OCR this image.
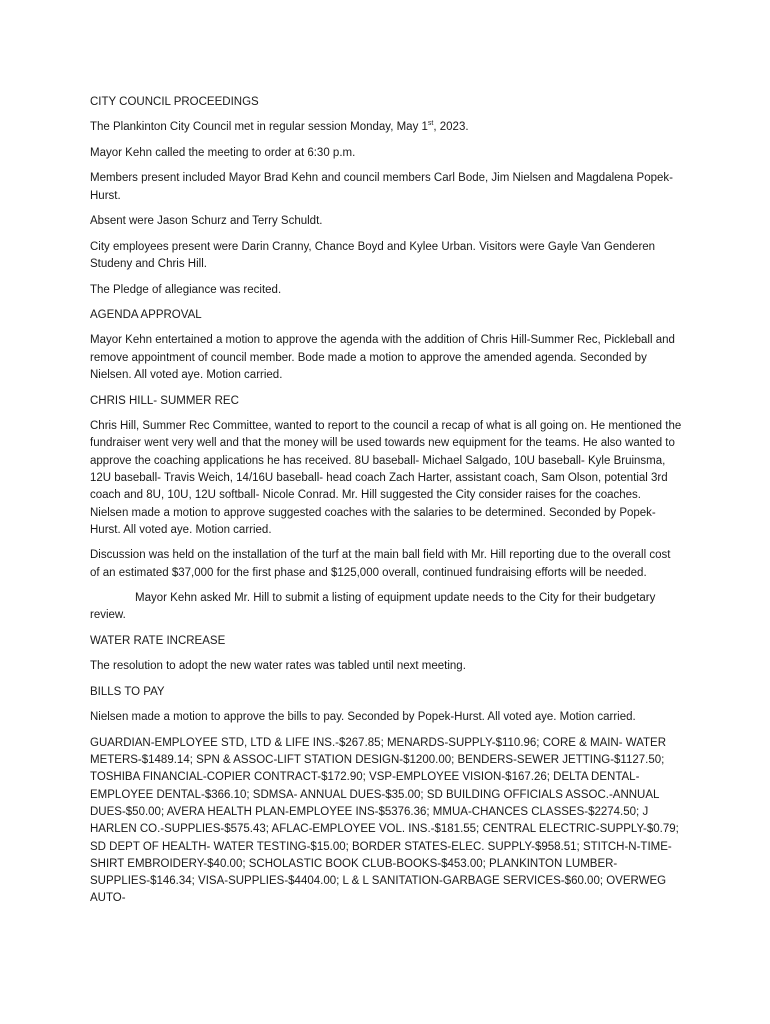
CITY COUNCIL PROCEEDINGS

The Plankinton City Council met in regular session Monday, May 1st, 2023.

Mayor Kehn called the meeting to order at 6:30 p.m.

Members present included Mayor Brad Kehn and council members Carl Bode, Jim Nielsen and Magdalena Popek-Hurst.

Absent were Jason Schurz and Terry Schuldt.

City employees present were Darin Cranny, Chance Boyd and Kylee Urban. Visitors were Gayle Van Genderen Studeny and Chris Hill.

The Pledge of allegiance was recited.

AGENDA APPROVAL

Mayor Kehn entertained a motion to approve the agenda with the addition of Chris Hill-Summer Rec, Pickleball and remove appointment of council member. Bode made a motion to approve the amended agenda. Seconded by Nielsen. All voted aye. Motion carried.

CHRIS HILL- SUMMER REC

Chris Hill, Summer Rec Committee, wanted to report to the council a recap of what is all going on. He mentioned the fundraiser went very well and that the money will be used towards new equipment for the teams. He also wanted to approve the coaching applications he has received. 8U baseball- Michael Salgado, 10U baseball- Kyle Bruinsma, 12U baseball- Travis Weich, 14/16U baseball- head coach Zach Harter, assistant coach, Sam Olson, potential 3rd coach and 8U, 10U, 12U softball- Nicole Conrad. Mr. Hill suggested the City consider raises for the coaches. Nielsen made a motion to approve suggested coaches with the salaries to be determined. Seconded by Popek-Hurst. All voted aye. Motion carried.

Discussion was held on the installation of the turf at the main ball field with Mr. Hill reporting due to the overall cost of an estimated $37,000 for the first phase and $125,000 overall, continued fundraising efforts will be needed.

Mayor Kehn asked Mr. Hill to submit a listing of equipment update needs to the City for their budgetary review.

WATER RATE INCREASE

The resolution to adopt the new water rates was tabled until next meeting.

BILLS TO PAY

Nielsen made a motion to approve the bills to pay. Seconded by Popek-Hurst. All voted aye. Motion carried.

GUARDIAN-EMPLOYEE STD, LTD & LIFE INS.-$267.85; MENARDS-SUPPLY-$110.96; CORE & MAIN- WATER METERS-$1489.14; SPN & ASSOC-LIFT STATION DESIGN-$1200.00; BENDERS-SEWER JETTING-$1127.50; TOSHIBA FINANCIAL-COPIER CONTRACT-$172.90; VSP-EMPLOYEE VISION-$167.26; DELTA DENTAL-EMPLOYEE DENTAL-$366.10; SDMSA- ANNUAL DUES-$35.00; SD BUILDING OFFICIALS ASSOC.-ANNUAL DUES-$50.00; AVERA HEALTH PLAN-EMPLOYEE INS-$5376.36; MMUA-CHANCES CLASSES-$2274.50; J HARLEN CO.-SUPPLIES-$575.43; AFLAC-EMPLOYEE VOL. INS.-$181.55; CENTRAL ELECTRIC-SUPPLY-$0.79; SD DEPT OF HEALTH- WATER TESTING-$15.00; BORDER STATES-ELEC. SUPPLY-$958.51; STITCH-N-TIME-SHIRT EMBROIDERY-$40.00; SCHOLASTIC BOOK CLUB-BOOKS-$453.00; PLANKINTON LUMBER-SUPPLIES-$146.34; VISA-SUPPLIES-$4404.00; L & L SANITATION-GARBAGE SERVICES-$60.00; OVERWEG AUTO-
